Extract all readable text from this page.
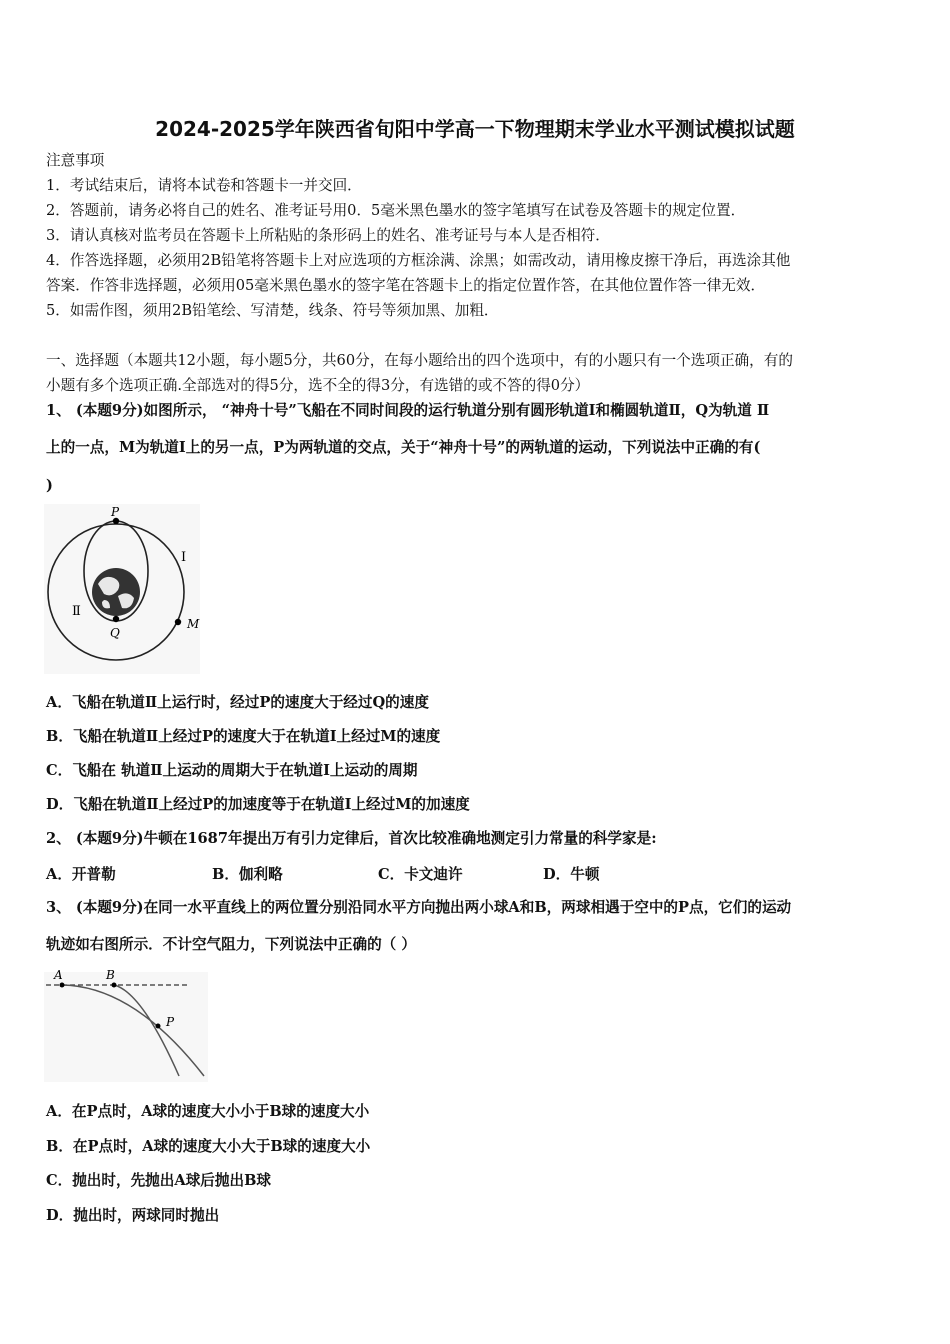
2024-2025学年陕西省旬阳中学高一下物理期末学业水平测试模拟试题
注意事项
1．考试结束后，请将本试卷和答题卡一并交回．
2．答题前，请务必将自己的姓名、准考证号用0．5毫米黑色墨水的签字笔填写在试卷及答题卡的规定位置．
3．请认真核对监考员在答题卡上所粘贴的条形码上的姓名、准考证号与本人是否相符．
4．作答选择题，必须用2B铅笔将答题卡上对应选项的方框涂满、涂黑；如需改动，请用橡皮擦干净后，再选涂其他
答案．作答非选择题，必须用05毫米黑色墨水的签字笔在答题卡上的指定位置作答，在其他位置作答一律无效．
5．如需作图，须用2B铅笔绘、写清楚，线条、符号等须加黑、加粗．
一、选择题（本题共12小题，每小题5分，共60分，在每小题给出的四个选项中，有的小题只有一个选项正确，有的
小题有多个选项正确.全部选对的得5分，选不全的得3分，有选错的或不答的得0分）
1、 (本题9分)如图所示， “神舟十号”飞船在不同时间段的运行轨道分别有圆形轨道Ⅰ和椭圆轨道Ⅱ，Q为轨道 Ⅱ
上的一点，M为轨道Ⅰ上的另一点，P为两轨道的交点，关于“神舟十号”的两轨道的运动，下列说法中正确的有(
)
P
Q
M
Ⅰ
Ⅱ
A．飞船在轨道Ⅱ上运行时，经过P的速度大于经过Q的速度
B．飞船在轨道Ⅱ上经过P的速度大于在轨道Ⅰ上经过M的速度
C．飞船在 轨道Ⅱ上运动的周期大于在轨道Ⅰ上运动的周期
D．飞船在轨道Ⅱ上经过P的加速度等于在轨道Ⅰ上经过M的加速度
2、 (本题9分)牛顿在1687年提出万有引力定律后，首次比较准确地测定引力常量的科学家是:
A．开普勒	B．伽利略	C．卡文迪许	D．牛顿
3、 (本题9分)在同一水平直线上的两位置分别沿同水平方向抛出两小球A和B，两球相遇于空中的P点，它们的运动
轨迹如右图所示．不计空气阻力，下列说法中正确的（ ）
A	B
P
A．在P点时，A球的速度大小小于B球的速度大小
B．在P点时，A球的速度大小大于B球的速度大小
C．抛出时，先抛出A球后抛出B球
D．抛出时，两球同时抛出
